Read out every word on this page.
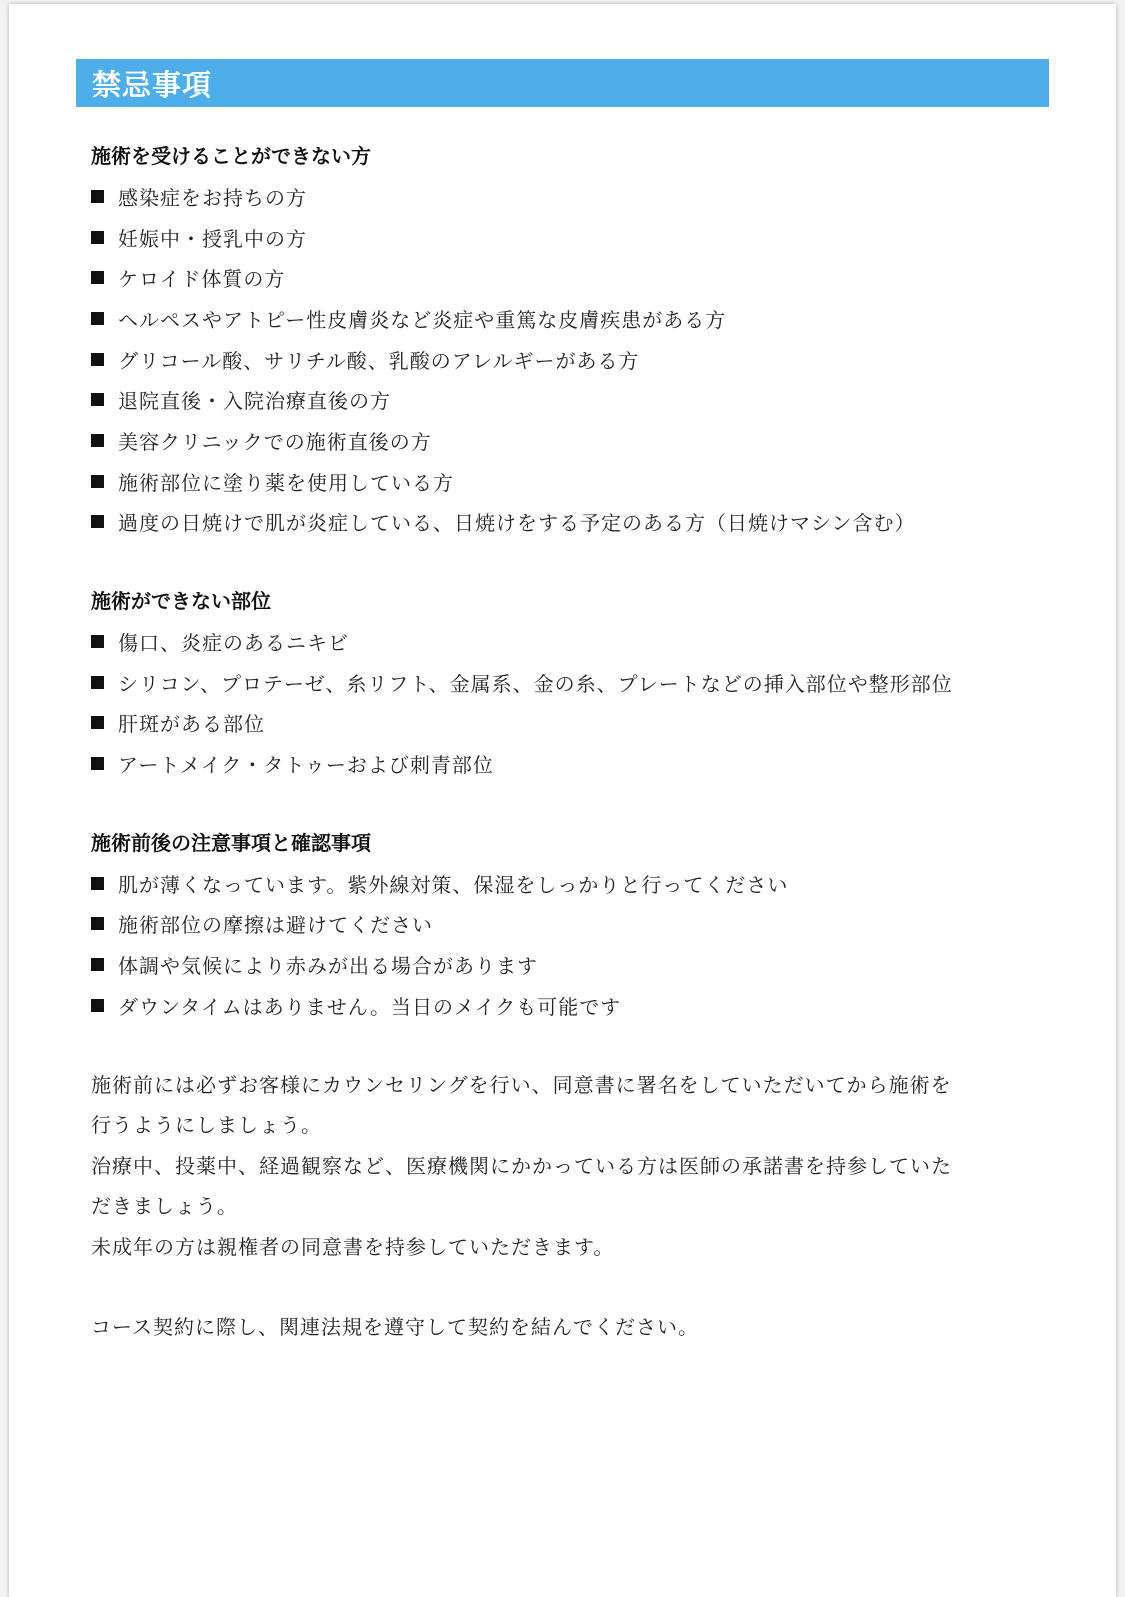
禁忌事項
施術を受けることができない方
感染症をお持ちの方
妊娠中・授乳中の方
ケロイド体質の方
ヘルペスやアトピー性皮膚炎など炎症や重篤な皮膚疾患がある方
グリコール酸、サリチル酸、乳酸のアレルギーがある方
退院直後・入院治療直後の方
美容クリニックでの施術直後の方
施術部位に塗り薬を使用している方
過度の日焼けで肌が炎症している、日焼けをする予定のある方（日焼けマシン含む）
施術ができない部位
傷口、炎症のあるニキビ
シリコン、プロテーゼ、糸リフト、金属系、金の糸、プレートなどの挿入部位や整形部位
肝斑がある部位
アートメイク・タトゥーおよび刺青部位
施術前後の注意事項と確認事項
肌が薄くなっています。紫外線対策、保湿をしっかりと行ってください
施術部位の摩擦は避けてください
体調や気候により赤みが出る場合があります
ダウンタイムはありません。当日のメイクも可能です

施術前には必ずお客様にカウンセリングを行い、同意書に署名をしていただいてから施術を

行うようにしましょう。

治療中、投薬中、経過観察など、医療機関にかかっている方は医師の承諾書を持参していた

だきましょう。

未成年の方は親権者の同意書を持参していただきます。

コース契約に際し、関連法規を遵守して契約を結んでください。
